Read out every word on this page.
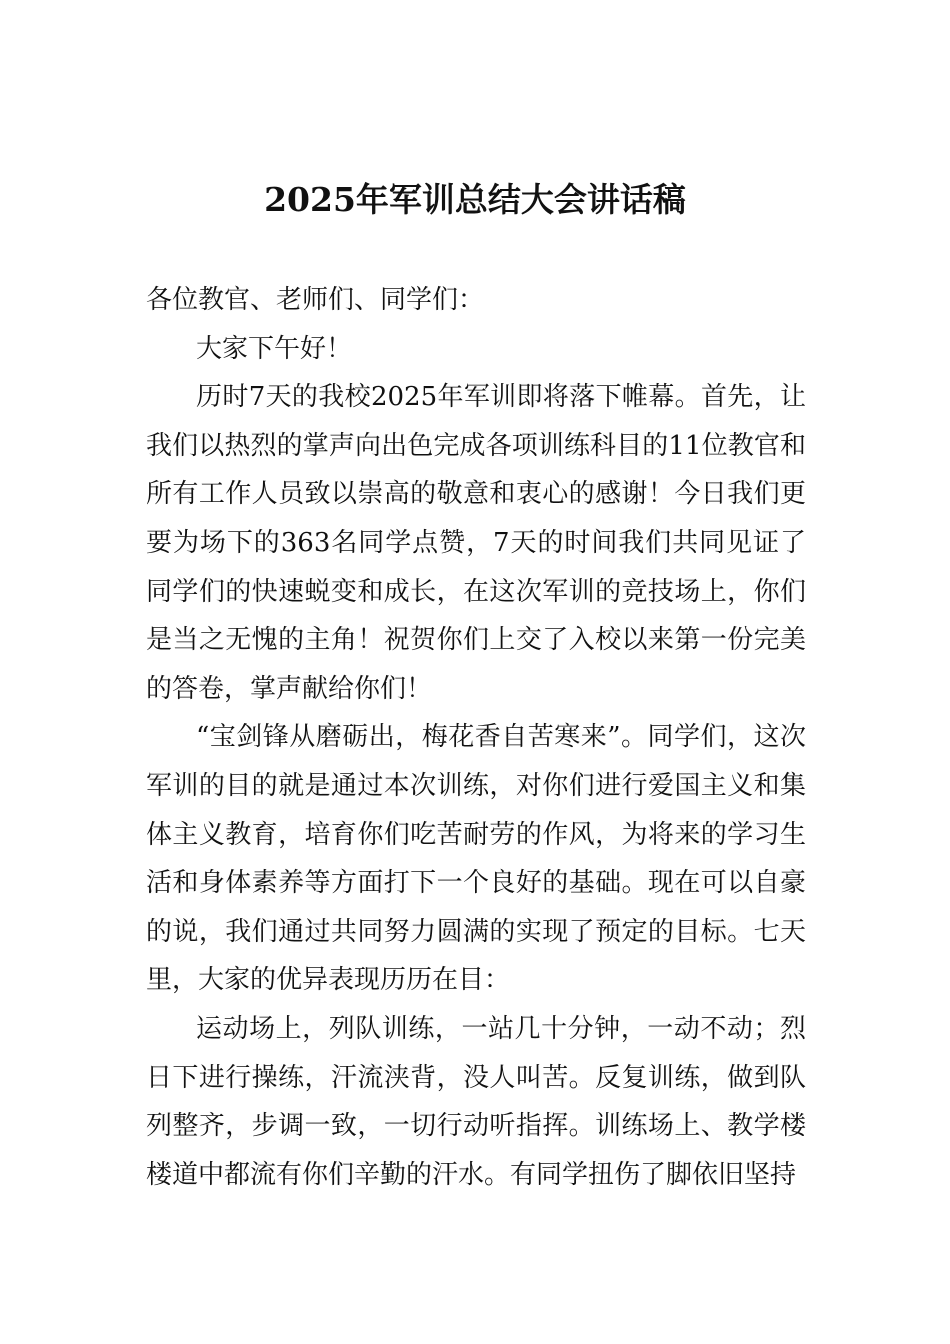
2025年军训总结大会讲话稿

各位教官、老师们、同学们：

大家下午好！

历时7天的我校2025年军训即将落下帷幕。首先，让我们以热烈的掌声向出色完成各项训练科目的11位教官和所有工作人员致以崇高的敬意和衷心的感谢！今日我们更要为场下的363名同学点赞，7天的时间我们共同见证了同学们的快速蜕变和成长，在这次军训的竞技场上，你们是当之无愧的主角！祝贺你们上交了入校以来第一份完美的答卷，掌声献给你们！

“宝剑锋从磨砺出，梅花香自苦寒来”。同学们，这次军训的目的就是通过本次训练，对你们进行爱国主义和集体主义教育，培育你们吃苦耐劳的作风，为将来的学习生活和身体素养等方面打下一个良好的基础。现在可以自豪的说，我们通过共同努力圆满的实现了预定的目标。七天里，大家的优异表现历历在目：

运动场上，列队训练，一站几十分钟，一动不动；烈日下进行操练，汗流浃背，没人叫苦。反复训练，做到队列整齐，步调一致，一切行动听指挥。训练场上、教学楼楼道中都流有你们辛勤的汗水。有同学扭伤了脚依旧坚持
